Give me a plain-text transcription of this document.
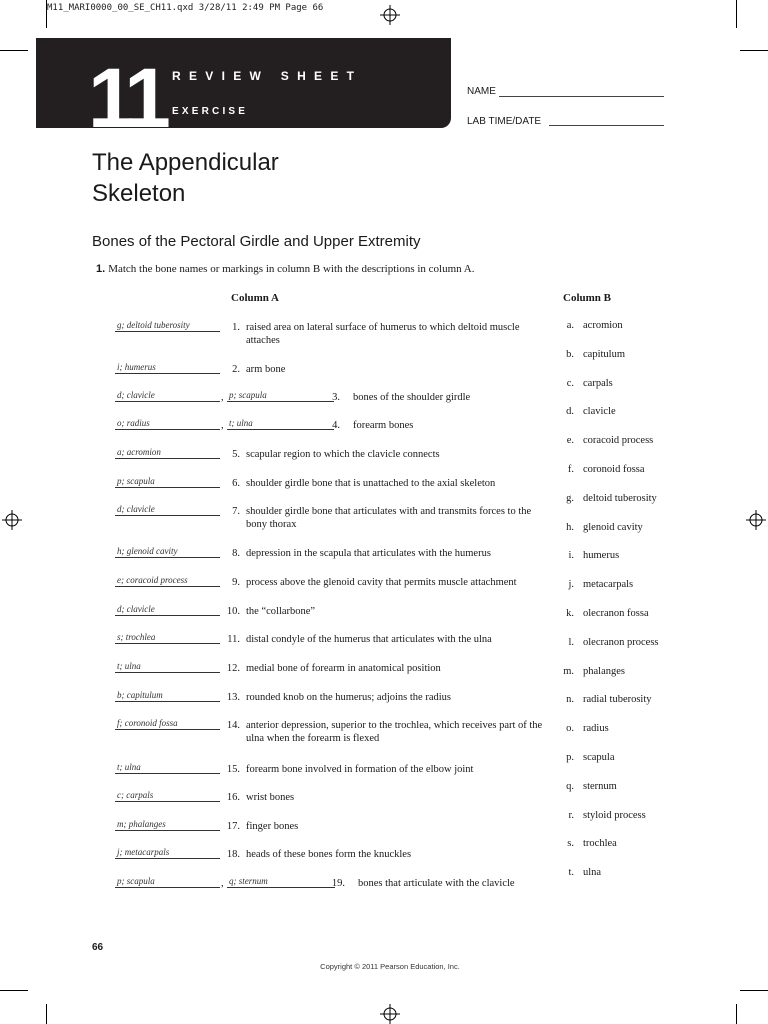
M11_MARI0000_00_SE_CH11.qxd 3/28/11 2:49 PM Page 66
11 REVIEW SHEET
EXERCISE
NAME
LAB TIME/DATE
The Appendicular
Skeleton
Bones of the Pectoral Girdle and Upper Extremity
1. Match the bone names or markings in column B with the descriptions in column A.
Column A	Column B
g; deltoid tuberosity	1. raised area on lateral surface of humerus to which deltoid muscle attaches
i; humerus	2. arm bone
d; clavicle	, p; scapula	3. bones of the shoulder girdle
o; radius	, t; ulna	4. forearm bones
a; acromion	5. scapular region to which the clavicle connects
p; scapula	6. shoulder girdle bone that is unattached to the axial skeleton
d; clavicle	7. shoulder girdle bone that articulates with and transmits forces to the bony thorax
h; glenoid cavity	8. depression in the scapula that articulates with the humerus
e; coracoid process	9. process above the glenoid cavity that permits muscle attachment
d; clavicle	10. the “collarbone”
s; trochlea	11. distal condyle of the humerus that articulates with the ulna
t; ulna	12. medial bone of forearm in anatomical position
b; capitulum	13. rounded knob on the humerus; adjoins the radius
f; coronoid fossa	14. anterior depression, superior to the trochlea, which receives part of the ulna when the forearm is flexed
t; ulna	15. forearm bone involved in formation of the elbow joint
c; carpals	16. wrist bones
m; phalanges	17. finger bones
j; metacarpals	18. heads of these bones form the knuckles
p; scapula	, q; sternum	19. bones that articulate with the clavicle
a. acromion
b. capitulum
c. carpals
d. clavicle
e. coracoid process
f. coronoid fossa
g. deltoid tuberosity
h. glenoid cavity
i. humerus
j. metacarpals
k. olecranon fossa
l. olecranon process
m. phalanges
n. radial tuberosity
o. radius
p. scapula
q. sternum
r. styloid process
s. trochlea
t. ulna
66
Copyright © 2011 Pearson Education, Inc.
